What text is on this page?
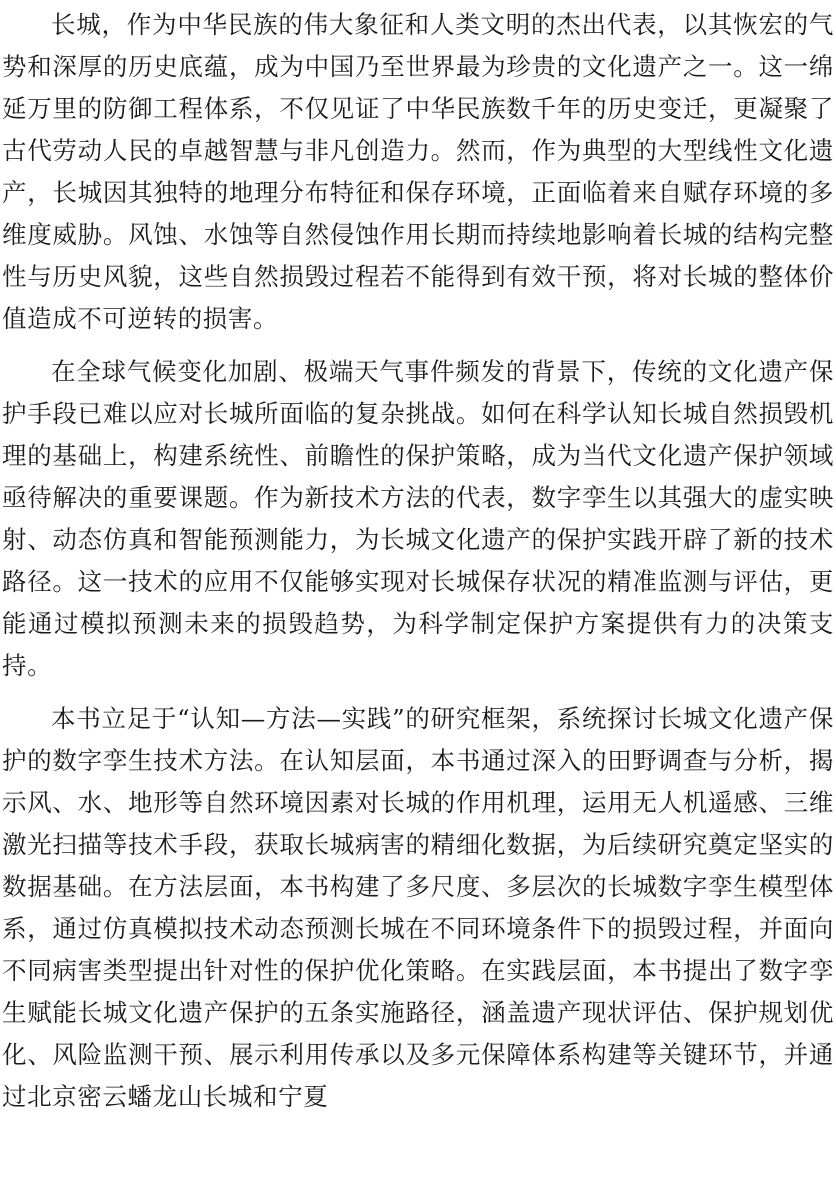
长城，作为中华民族的伟大象征和人类文明的杰出代表，以其恢宏的气势和深厚的历史底蕴，成为中国乃至世界最为珍贵的文化遗产之一。这一绵延万里的防御工程体系，不仅见证了中华民族数千年的历史变迁，更凝聚了古代劳动人民的卓越智慧与非凡创造力。然而，作为典型的大型线性文化遗产，长城因其独特的地理分布特征和保存环境，正面临着来自赋存环境的多维度威胁。风蚀、水蚀等自然侵蚀作用长期而持续地影响着长城的结构完整性与历史风貌，这些自然损毁过程若不能得到有效干预，将对长城的整体价值造成不可逆转的损害。

在全球气候变化加剧、极端天气事件频发的背景下，传统的文化遗产保护手段已难以应对长城所面临的复杂挑战。如何在科学认知长城自然损毁机理的基础上，构建系统性、前瞻性的保护策略，成为当代文化遗产保护领域亟待解决的重要课题。作为新技术方法的代表，数字孪生以其强大的虚实映射、动态仿真和智能预测能力，为长城文化遗产的保护实践开辟了新的技术路径。这一技术的应用不仅能够实现对长城保存状况的精准监测与评估，更能通过模拟预测未来的损毁趋势，为科学制定保护方案提供有力的决策支持。

本书立足于“认知—方法—实践”的研究框架，系统探讨长城文化遗产保护的数字孪生技术方法。在认知层面，本书通过深入的田野调查与分析，揭示风、水、地形等自然环境因素对长城的作用机理，运用无人机遥感、三维激光扫描等技术手段，获取长城病害的精细化数据，为后续研究奠定坚实的数据基础。在方法层面，本书构建了多尺度、多层次的长城数字孪生模型体系，通过仿真模拟技术动态预测长城在不同环境条件下的损毁过程，并面向不同病害类型提出针对性的保护优化策略。在实践层面，本书提出了数字孪生赋能长城文化遗产保护的五条实施路径，涵盖遗产现状评估、保护规划优化、风险监测干预、展示利用传承以及多元保障体系构建等关键环节，并通过北京密云蟠龙山长城和宁夏
